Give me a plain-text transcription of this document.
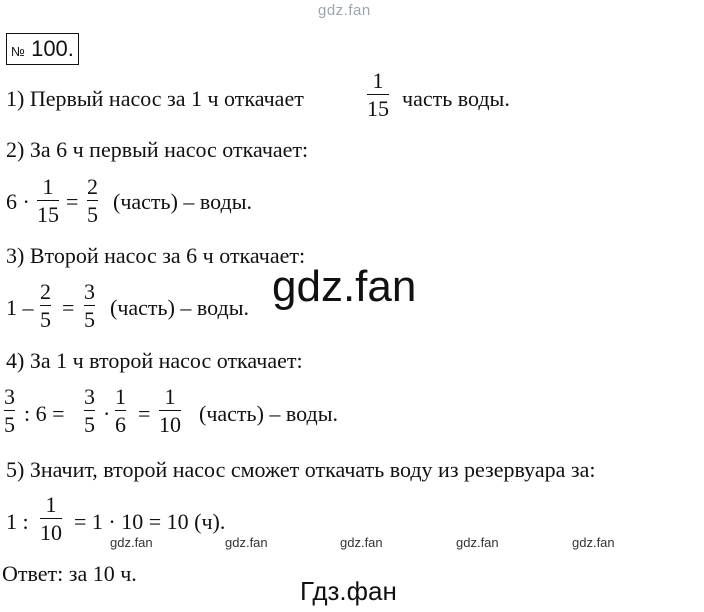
gdz.fan
№ 100.
1) Первый насос за 1 ч откачает
1
15 часть воды.
2) За 6 ч первый насос откачает:
6 ·
1
15
=
2
5
(часть) – воды.
3) Второй насос за 6 ч откачает:
1 –
2
5 =
3
5 (часть) – воды. gdz.fan
4) За 1 ч второй насос откачает:
3
5 : 6 =
3
5 ·
1
6 =
1
10 (часть) – воды.
5) Значит, второй насос сможет откачать воду из резервуара за:
1 :
1
10 = 1 · 10 = 10 (ч).
gdz.fan	gdz.fan	gdz.fan	gdz.fan	gdz.fan
Ответ: за 10 ч.
Гдз.фан
